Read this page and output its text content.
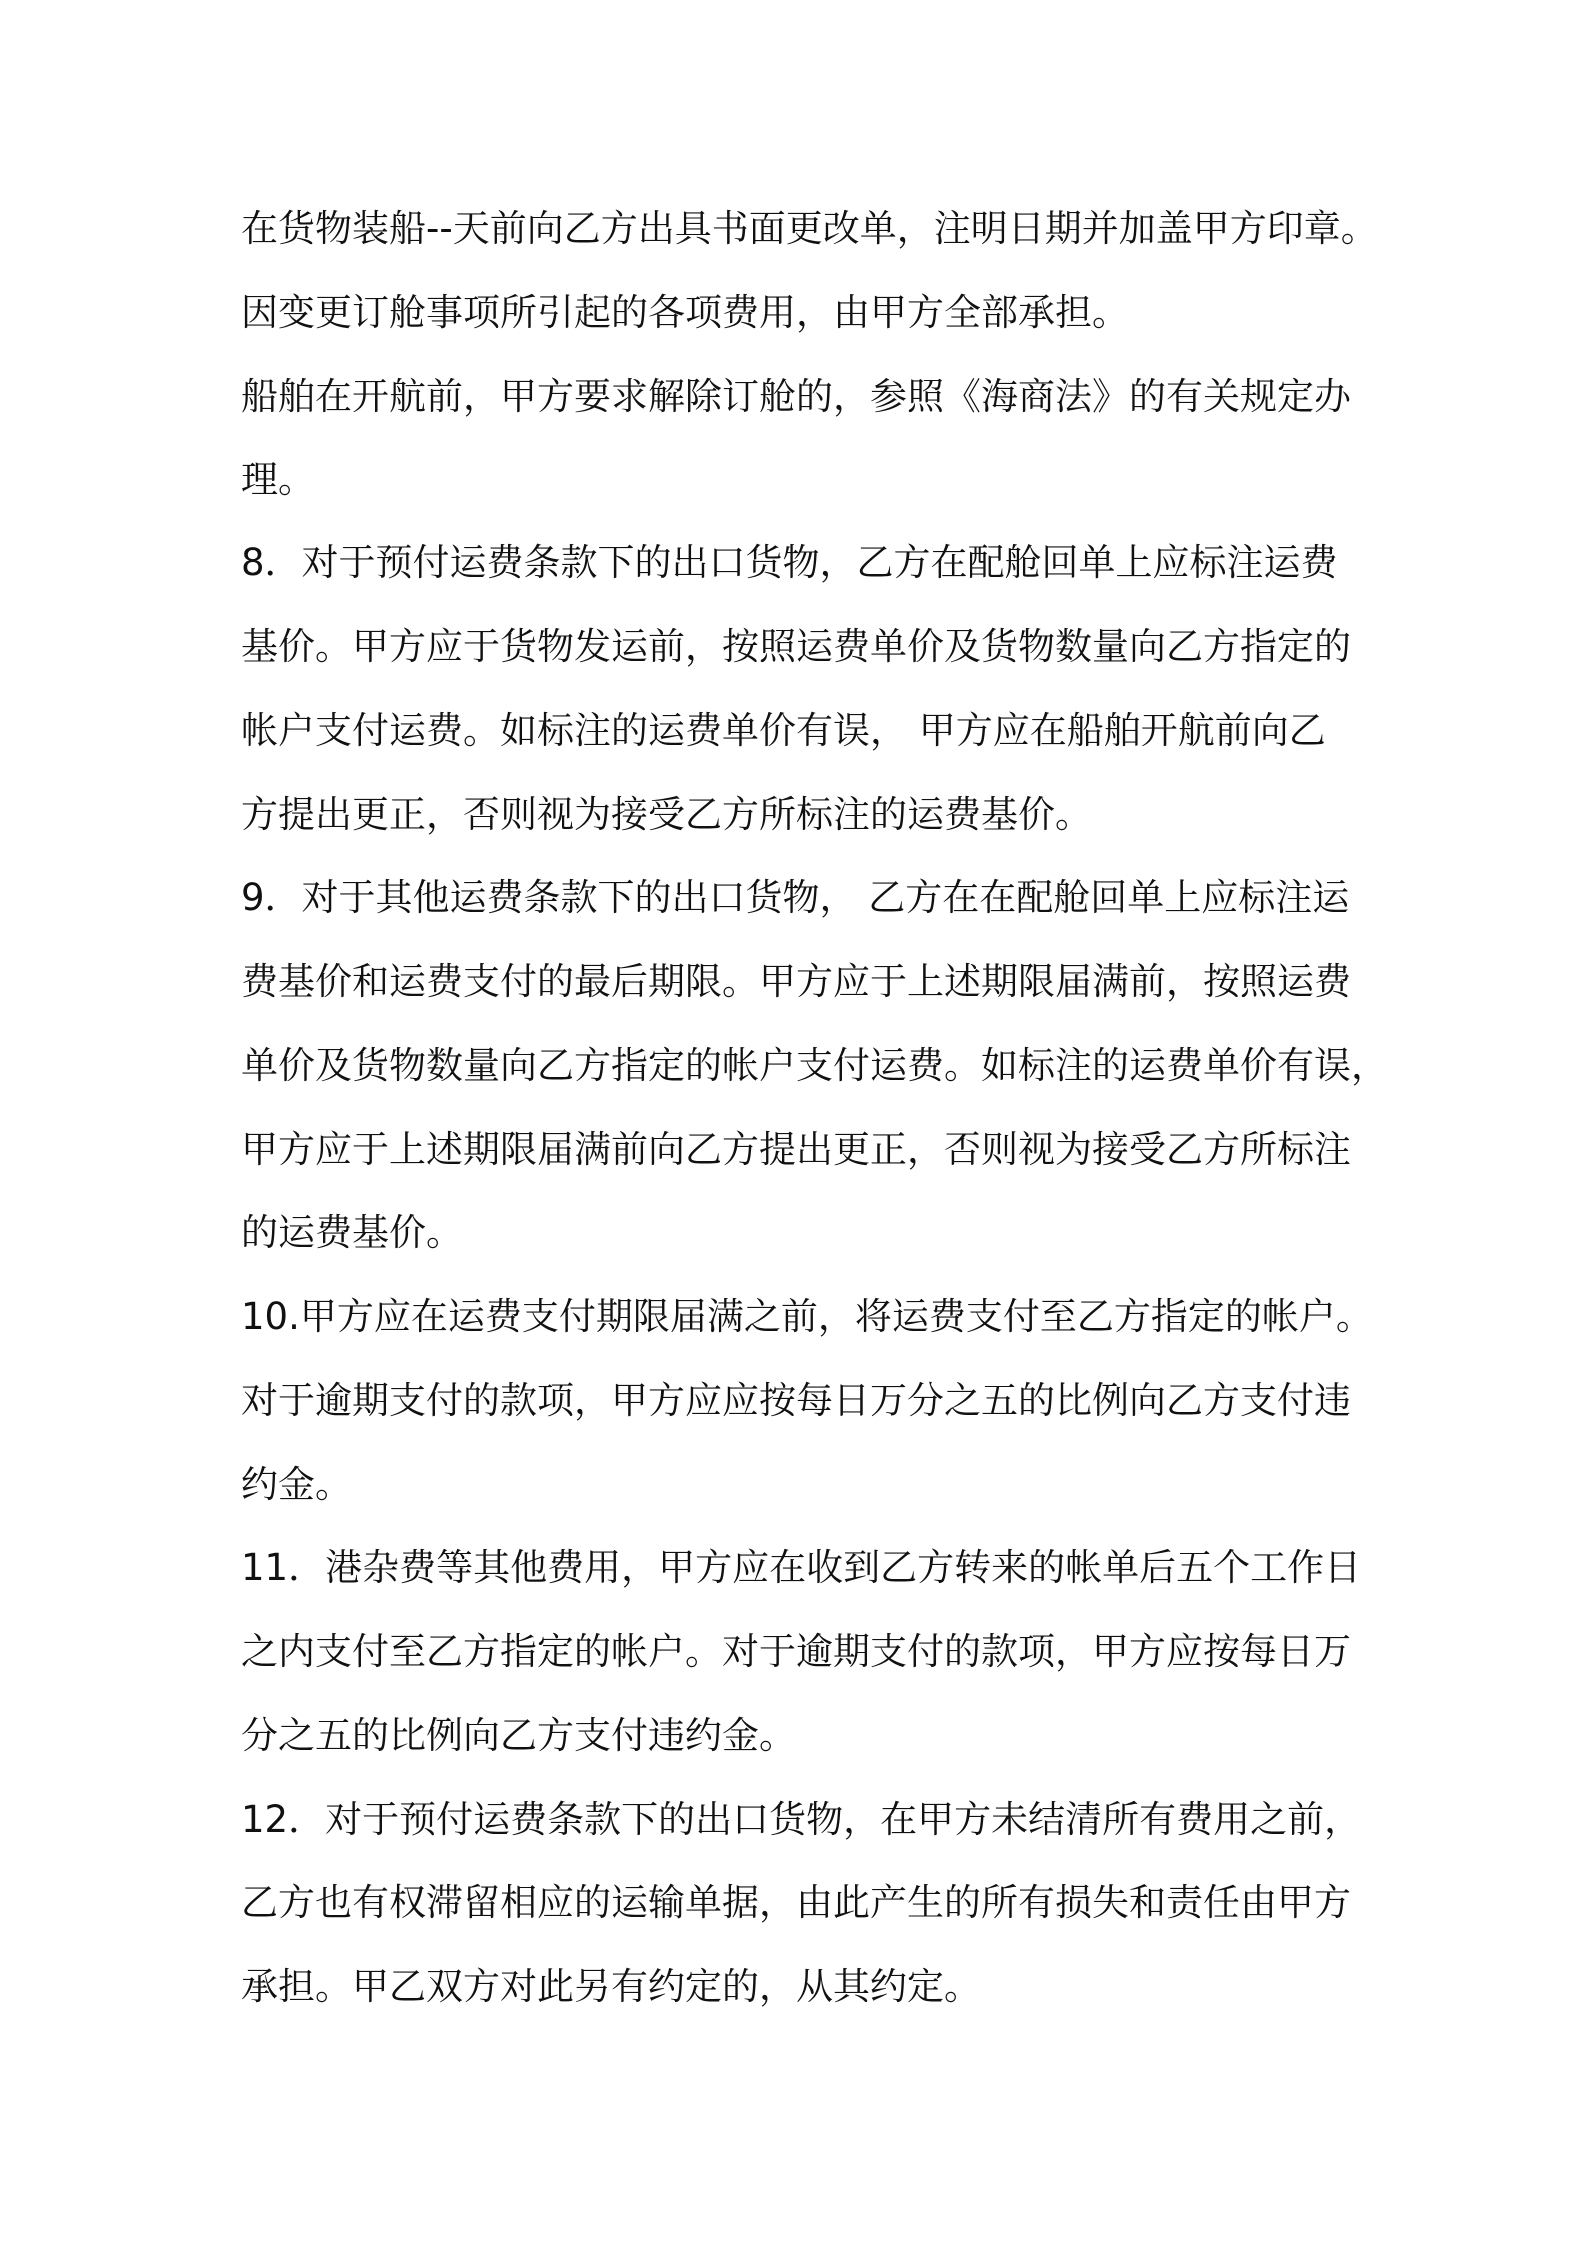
在货物装船--天前向乙方出具书面更改单，注明日期并加盖甲方印章。

因变更订舱事项所引起的各项费用，由甲方全部承担。

船舶在开航前，甲方要求解除订舱的，参照《海商法》的有关规定办

理。

8．对于预付运费条款下的出口货物，乙方在配舱回单上应标注运费

基价。甲方应于货物发运前，按照运费单价及货物数量向乙方指定的

帐户支付运费。如标注的运费单价有误， 甲方应在船舶开航前向乙

方提出更正，否则视为接受乙方所标注的运费基价。

9．对于其他运费条款下的出口货物， 乙方在在配舱回单上应标注运

费基价和运费支付的最后期限。甲方应于上述期限届满前，按照运费

单价及货物数量向乙方指定的帐户支付运费。如标注的运费单价有误，

甲方应于上述期限届满前向乙方提出更正，否则视为接受乙方所标注

的运费基价。

10.甲方应在运费支付期限届满之前，将运费支付至乙方指定的帐户。

对于逾期支付的款项，甲方应应按每日万分之五的比例向乙方支付违

约金。

11．港杂费等其他费用，甲方应在收到乙方转来的帐单后五个工作日

之内支付至乙方指定的帐户。对于逾期支付的款项，甲方应按每日万

分之五的比例向乙方支付违约金。

12．对于预付运费条款下的出口货物，在甲方未结清所有费用之前，

乙方也有权滞留相应的运输单据，由此产生的所有损失和责任由甲方

承担。甲乙双方对此另有约定的，从其约定。
